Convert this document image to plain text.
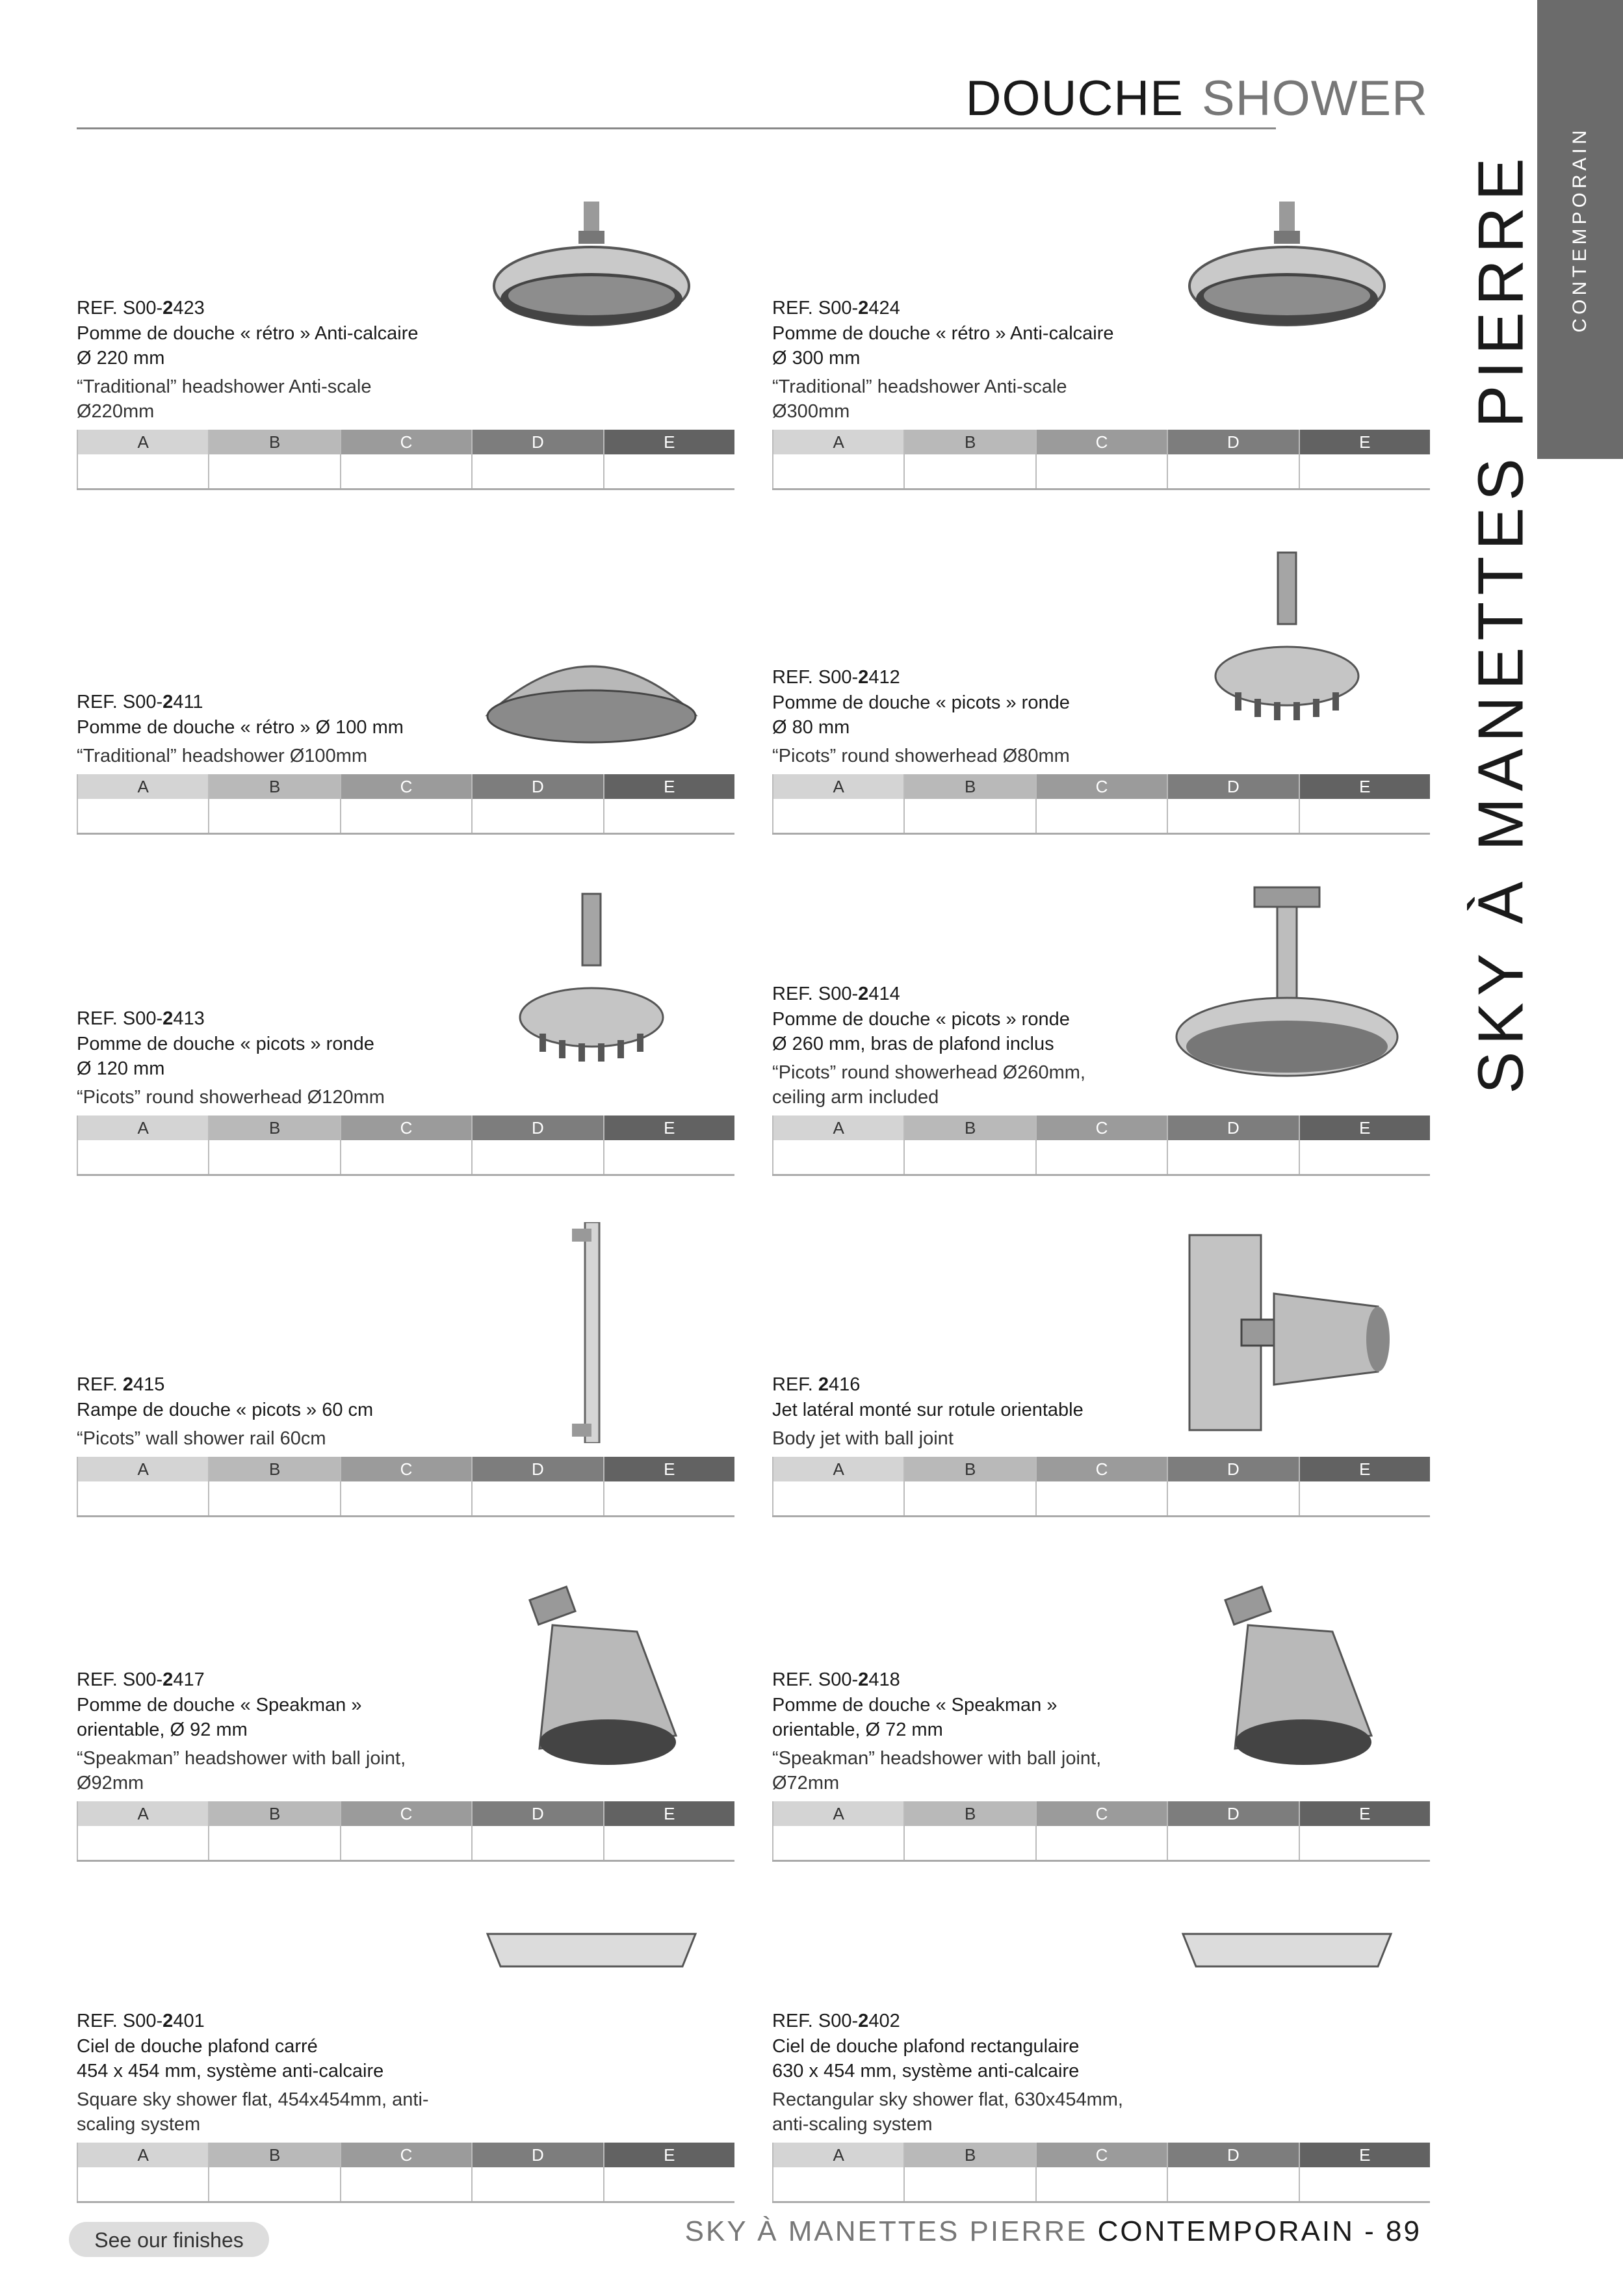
DOUCHE SHOWER
CONTEMPORAIN
SKY À MANETTES PIERRE
REF. S00-2423
Pomme de douche « rétro » Anti-calcaire
Ø 220 mm
“Traditional” headshower Anti-scale
Ø220mm
A	B	C	D	E
REF. S00-2424
Pomme de douche « rétro » Anti-calcaire
Ø 300 mm
“Traditional” headshower Anti-scale
Ø300mm
A	B	C	D	E
REF. S00-2411
Pomme de douche « rétro » Ø 100 mm
“Traditional” headshower Ø100mm
A	B	C	D	E
REF. S00-2412
Pomme de douche « picots » ronde
Ø 80 mm
“Picots” round showerhead Ø80mm
A	B	C	D	E
REF. S00-2413
Pomme de douche « picots » ronde
Ø 120 mm
“Picots” round showerhead Ø120mm
A	B	C	D	E
REF. S00-2414
Pomme de douche « picots » ronde
Ø 260 mm, bras de plafond inclus
“Picots” round showerhead Ø260mm,
ceiling arm included
A	B	C	D	E
REF. 2415
Rampe de douche « picots » 60 cm
“Picots” wall shower rail 60cm
A	B	C	D	E
REF. 2416
Jet latéral monté sur rotule orientable
Body jet with ball joint
A	B	C	D	E
REF. S00-2417
Pomme de douche « Speakman »
orientable, Ø 92 mm
“Speakman” headshower with ball joint,
Ø92mm
A	B	C	D	E
REF. S00-2418
Pomme de douche « Speakman »
orientable, Ø 72 mm
“Speakman” headshower with ball joint,
Ø72mm
A	B	C	D	E
REF. S00-2401
Ciel de douche plafond carré
454 x 454 mm, système anti-calcaire
Square sky shower flat, 454x454mm, anti-
scaling system
A	B	C	D	E
REF. S00-2402
Ciel de douche plafond rectangulaire
630 x 454 mm, système anti-calcaire
Rectangular sky shower flat, 630x454mm,
anti-scaling system
A	B	C	D	E
SKY À MANETTES PIERRE CONTEMPORAIN - 89
See our finishes
